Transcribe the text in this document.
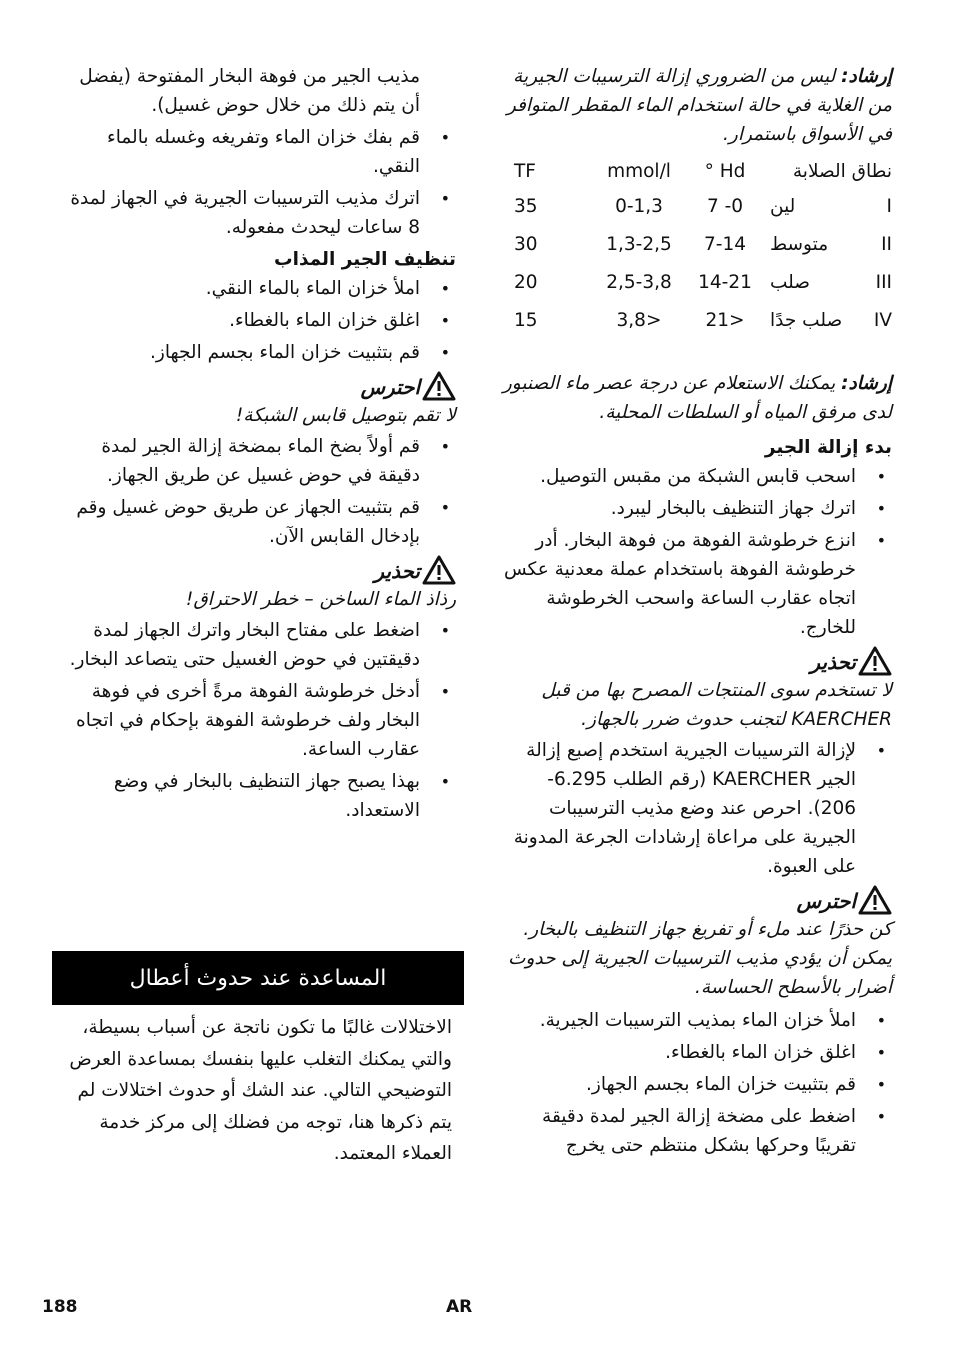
إرشاد: ليس من الضروري إزالة الترسيبات الجيرية من الغلاية في حالة استخدام الماء المقطر المتوافر في الأسواق باستمرار.

نطاق الصلابة		° Hd	mmol/l	TF
I	لين	0- 7	0-1,3	35
II	متوسط	7-14	1,3-2,5	30
III	صلب	14-21	2,5-3,8	20
IV	صلب جدًا	<21	<3,8	15

إرشاد: يمكنك الاستعلام عن درجة عصر ماء الصنبور لدى مرفق المياه أو السلطات المحلية.

بدء إزالة الجير

• اسحب قابس الشبكة من مقبس التوصيل.
• اترك جهاز التنظيف بالبخار ليبرد.
• انزع خرطوشة الفوهة من فوهة البخار. أدر خرطوشة الفوهة باستخدام عملة معدنية عكس اتجاه عقارب الساعة واسحب الخرطوشة للخارج.
تحذير

لا تستخدم سوى المنتجات المصرح بها من قبل KAERCHER لتجنب حدوث ضرر بالجهاز.

• لإزالة الترسيبات الجيرية استخدم إصبع إزالة الجير KAERCHER (رقم الطلب 6.295-206). احرص عند وضع مذيب الترسيبات الجيرية على مراعاة إرشادات الجرعة المدونة على العبوة.
احترس

كن حذرًا عند ملء أو تفريغ جهاز التنظيف بالبخار. يمكن أن يؤدي مذيب الترسيبات الجيرية إلى حدوث أضرار بالأسطح الحساسة.

• املأ خزان الماء بمذيب الترسيبات الجيرية.
• اغلق خزان الماء بالغطاء.
• قم بتثبيت خزان الماء بجسم الجهاز.
• اضغط على مضخة إزالة الجير لمدة دقيقة تقريبًا وحركها بشكل منتظم حتى يخرج

مذيب الجير من فوهة البخار المفتوحة (يفضل أن يتم ذلك من خلال حوض غسيل).

• قم بفك خزان الماء وتفريغه وغسله بالماء النقي.
• اترك مذيب الترسيبات الجيرية في الجهاز لمدة 8 ساعات ليحدث مفعوله.

تنظيف الجير المذاب

• املأ خزان الماء بالماء النقي.
• اغلق خزان الماء بالغطاء.
• قم بتثبيت خزان الماء بجسم الجهاز.
احترس

لا تقم بتوصيل قابس الشبكة!

• قم أولاً بضخ الماء بمضخة إزالة الجير لمدة دقيقة في حوض غسيل عن طريق الجهاز.
• قم بتثبيت الجهاز عن طريق حوض غسيل وقم بإدخال القابس الآن.
تحذير

رذاذ الماء الساخن – خطر الاحتراق!

• اضغط على مفتاح البخار واترك الجهاز لمدة دقيقتين في حوض الغسيل حتى يتصاعد البخار.
• أدخل خرطوشة الفوهة مرةً أخرى في فوهة البخار ولف خرطوشة الفوهة بإحكام في اتجاه عقارب الساعة.
• بهذا يصبح جهاز التنظيف بالبخار في وضع الاستعداد.
المساعدة عند حدوث أعطال

الاختلالات غالبًا ما تكون ناتجة عن أسباب بسيطة، والتي يمكنك التغلب عليها بنفسك بمساعدة العرض التوضيحي التالي. عند الشك أو حدوث اختلالات لم يتم ذكرها هنا، توجه من فضلك إلى مركز خدمة العملاء المعتمد.

188	AR
